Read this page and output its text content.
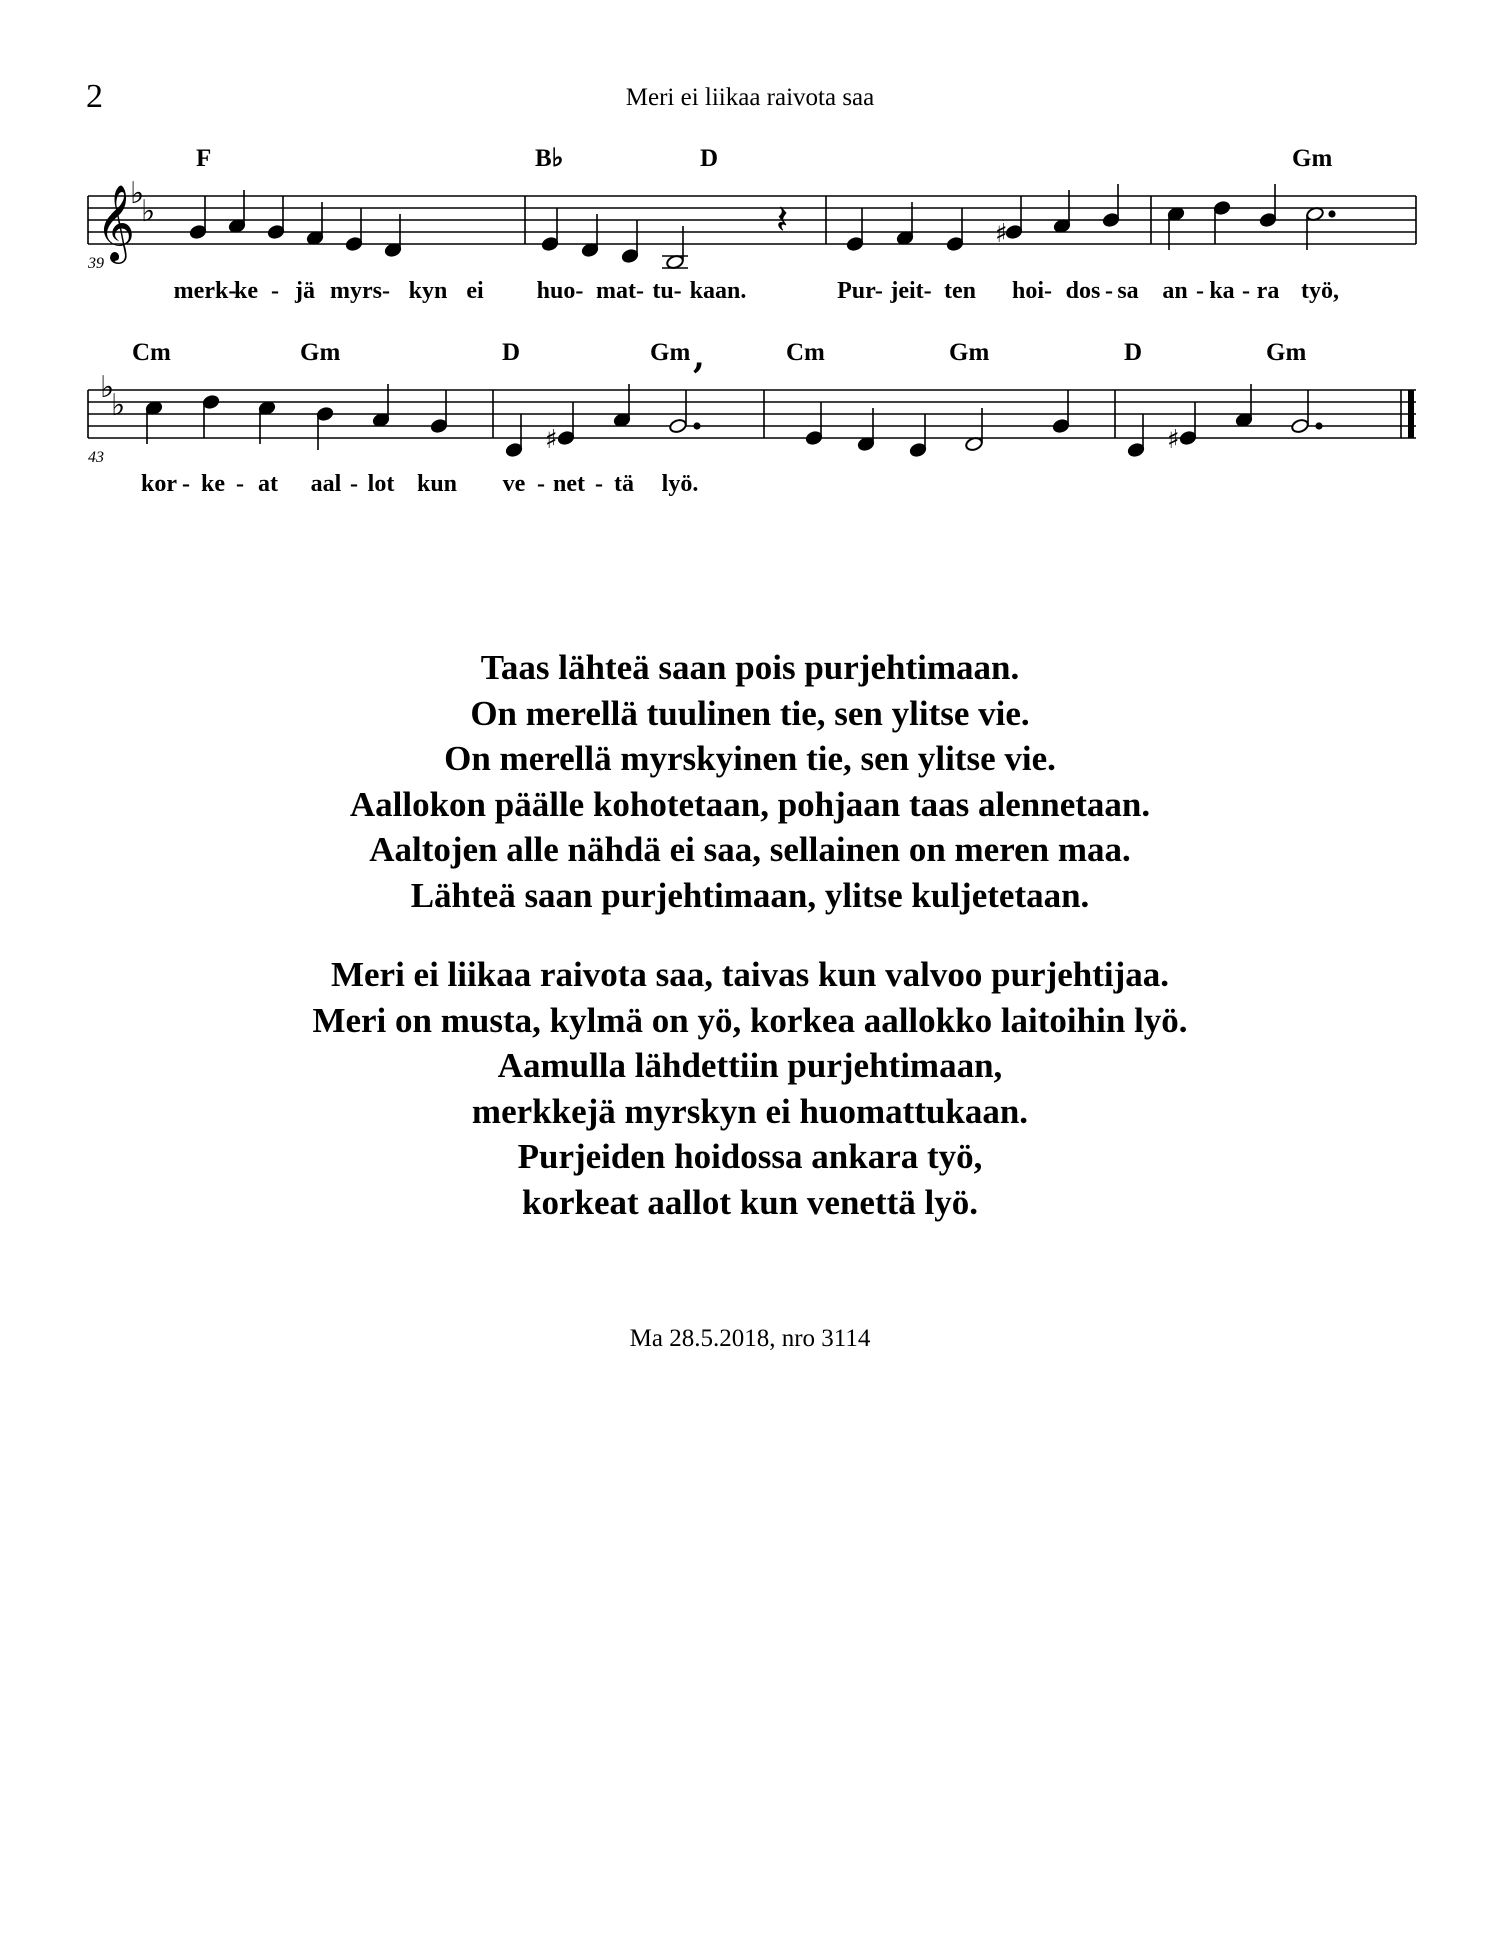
2	Meri ei liikaa raivota saa
𝄞
♭
♭
♯
𝄽
F	B♭	D	Gm
39
merk-
ke - jä myrs- kyn ei huo- mat- tu- kaan.	Pur- jeit- ten hoi- dos - sa an - ka - ra työ,
♭
♭
♯	♯
,
Cm	Gm	D	Gm	Cm	Gm	D	Gm
43
kor - ke - at aal - lot kun ve - net - tä lyö.
Taas lähteä saan pois purjehtimaan.
On merellä tuulinen tie, sen ylitse vie.
On merellä myrskyinen tie, sen ylitse vie.
Aallokon päälle kohotetaan, pohjaan taas alennetaan.
Aaltojen alle nähdä ei saa, sellainen on meren maa.
Lähteä saan purjehtimaan, ylitse kuljetetaan.
Meri ei liikaa raivota saa, taivas kun valvoo purjehtijaa.
Meri on musta, kylmä on yö, korkea aallokko laitoihin lyö.
Aamulla lähdettiin purjehtimaan,
merkkejä myrskyn ei huomattukaan.
Purjeiden hoidossa ankara työ,
korkeat aallot kun venettä lyö.
Ma 28.5.2018, nro 3114
